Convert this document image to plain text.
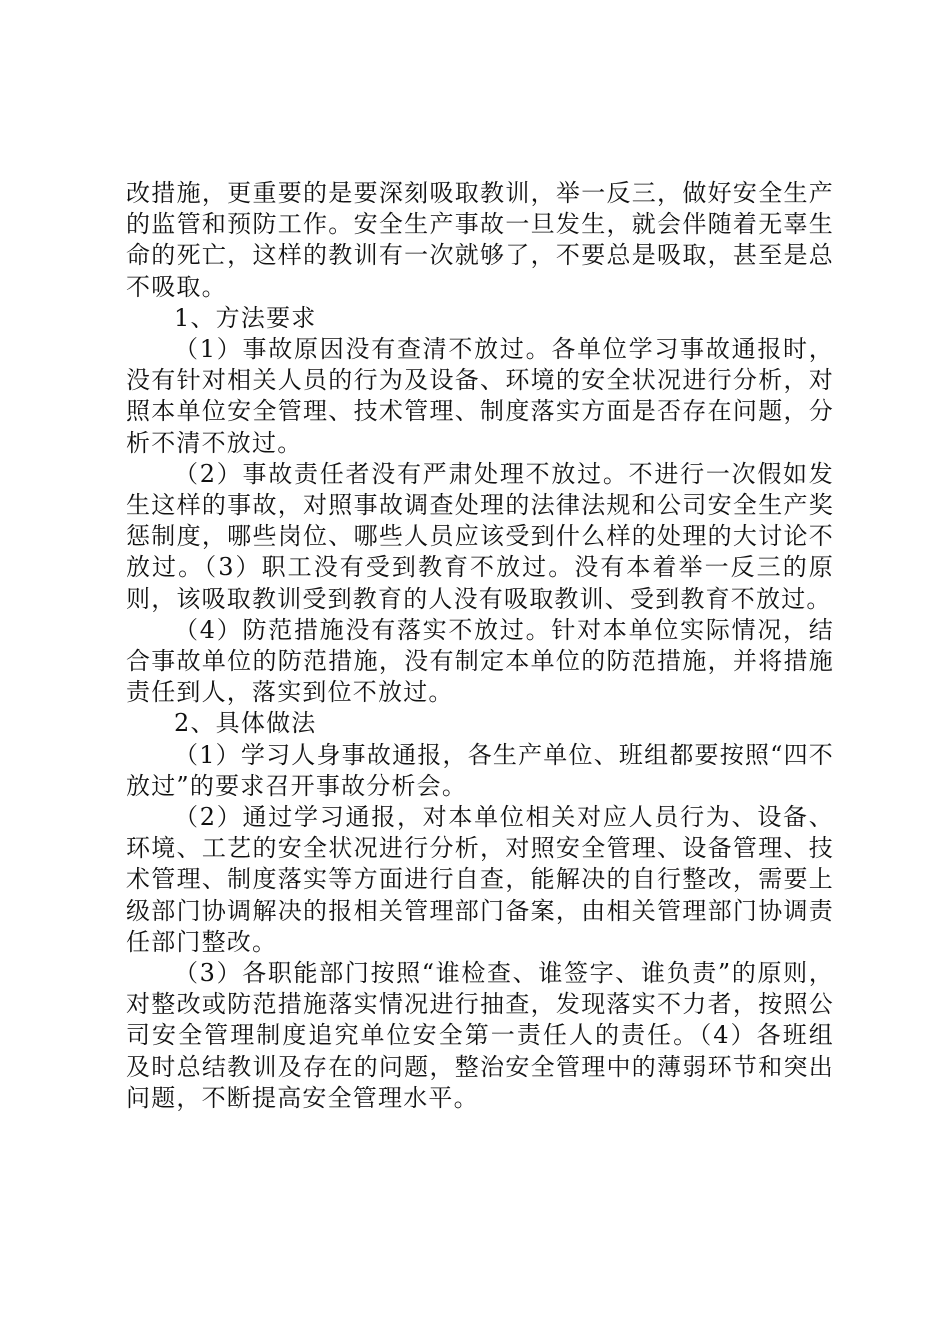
改措施，更重要的是要深刻吸取教训，举一反三，做好安全生产的监管和预防工作。安全生产事故一旦发生，就会伴随着无辜生命的死亡，这样的教训有一次就够了，不要总是吸取，甚至是总不吸取。

1、方法要求

（1）事故原因没有查清不放过。各单位学习事故通报时，没有针对相关人员的行为及设备、环境的安全状况进行分析，对照本单位安全管理、技术管理、制度落实方面是否存在问题，分析不清不放过。

（2）事故责任者没有严肃处理不放过。不进行一次假如发生这样的事故，对照事故调查处理的法律法规和公司安全生产奖惩制度，哪些岗位、哪些人员应该受到什么样的处理的大讨论不放过。（3）职工没有受到教育不放过。没有本着举一反三的原则，该吸取教训受到教育的人没有吸取教训、受到教育不放过。

（4）防范措施没有落实不放过。针对本单位实际情况，结合事故单位的防范措施，没有制定本单位的防范措施，并将措施责任到人，落实到位不放过。

2、具体做法

（1）学习人身事故通报，各生产单位、班组都要按照“四不放过”的要求召开事故分析会。

（2）通过学习通报，对本单位相关对应人员行为、设备、环境、工艺的安全状况进行分析，对照安全管理、设备管理、技术管理、制度落实等方面进行自查，能解决的自行整改，需要上级部门协调解决的报相关管理部门备案，由相关管理部门协调责任部门整改。

（3）各职能部门按照“谁检查、谁签字、谁负责”的原则，对整改或防范措施落实情况进行抽查，发现落实不力者，按照公司安全管理制度追究单位安全第一责任人的责任。（4）各班组及时总结教训及存在的问题，整治安全管理中的薄弱环节和突出问题，不断提高安全管理水平。
